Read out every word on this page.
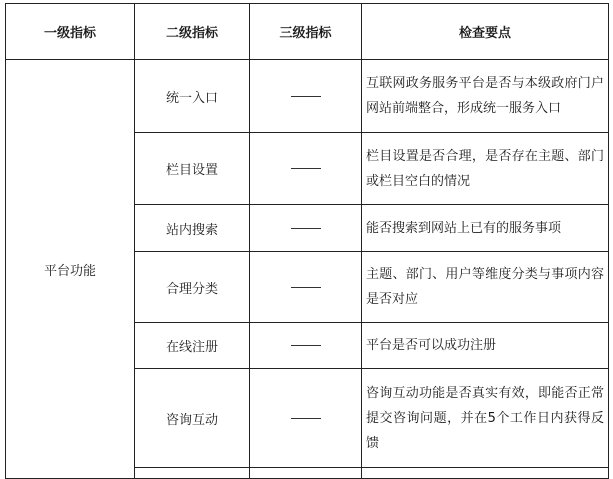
一级指标	二级指标	三级指标	检查要点
平台功能	统一入口		互联网政务服务平台是否与本级政府门户网站前端整合，形成统一服务入口
	栏目设置		栏目设置是否合理，是否存在主题、部门或栏目空白的情况
	站内搜索		能否搜索到网站上已有的服务事项
	合理分类		主题、部门、用户等维度分类与事项内容是否对应
	在线注册		平台是否可以成功注册
	咨询互动		咨询互动功能是否真实有效，即能否正常提交咨询问题，并在5个工作日内获得反馈
